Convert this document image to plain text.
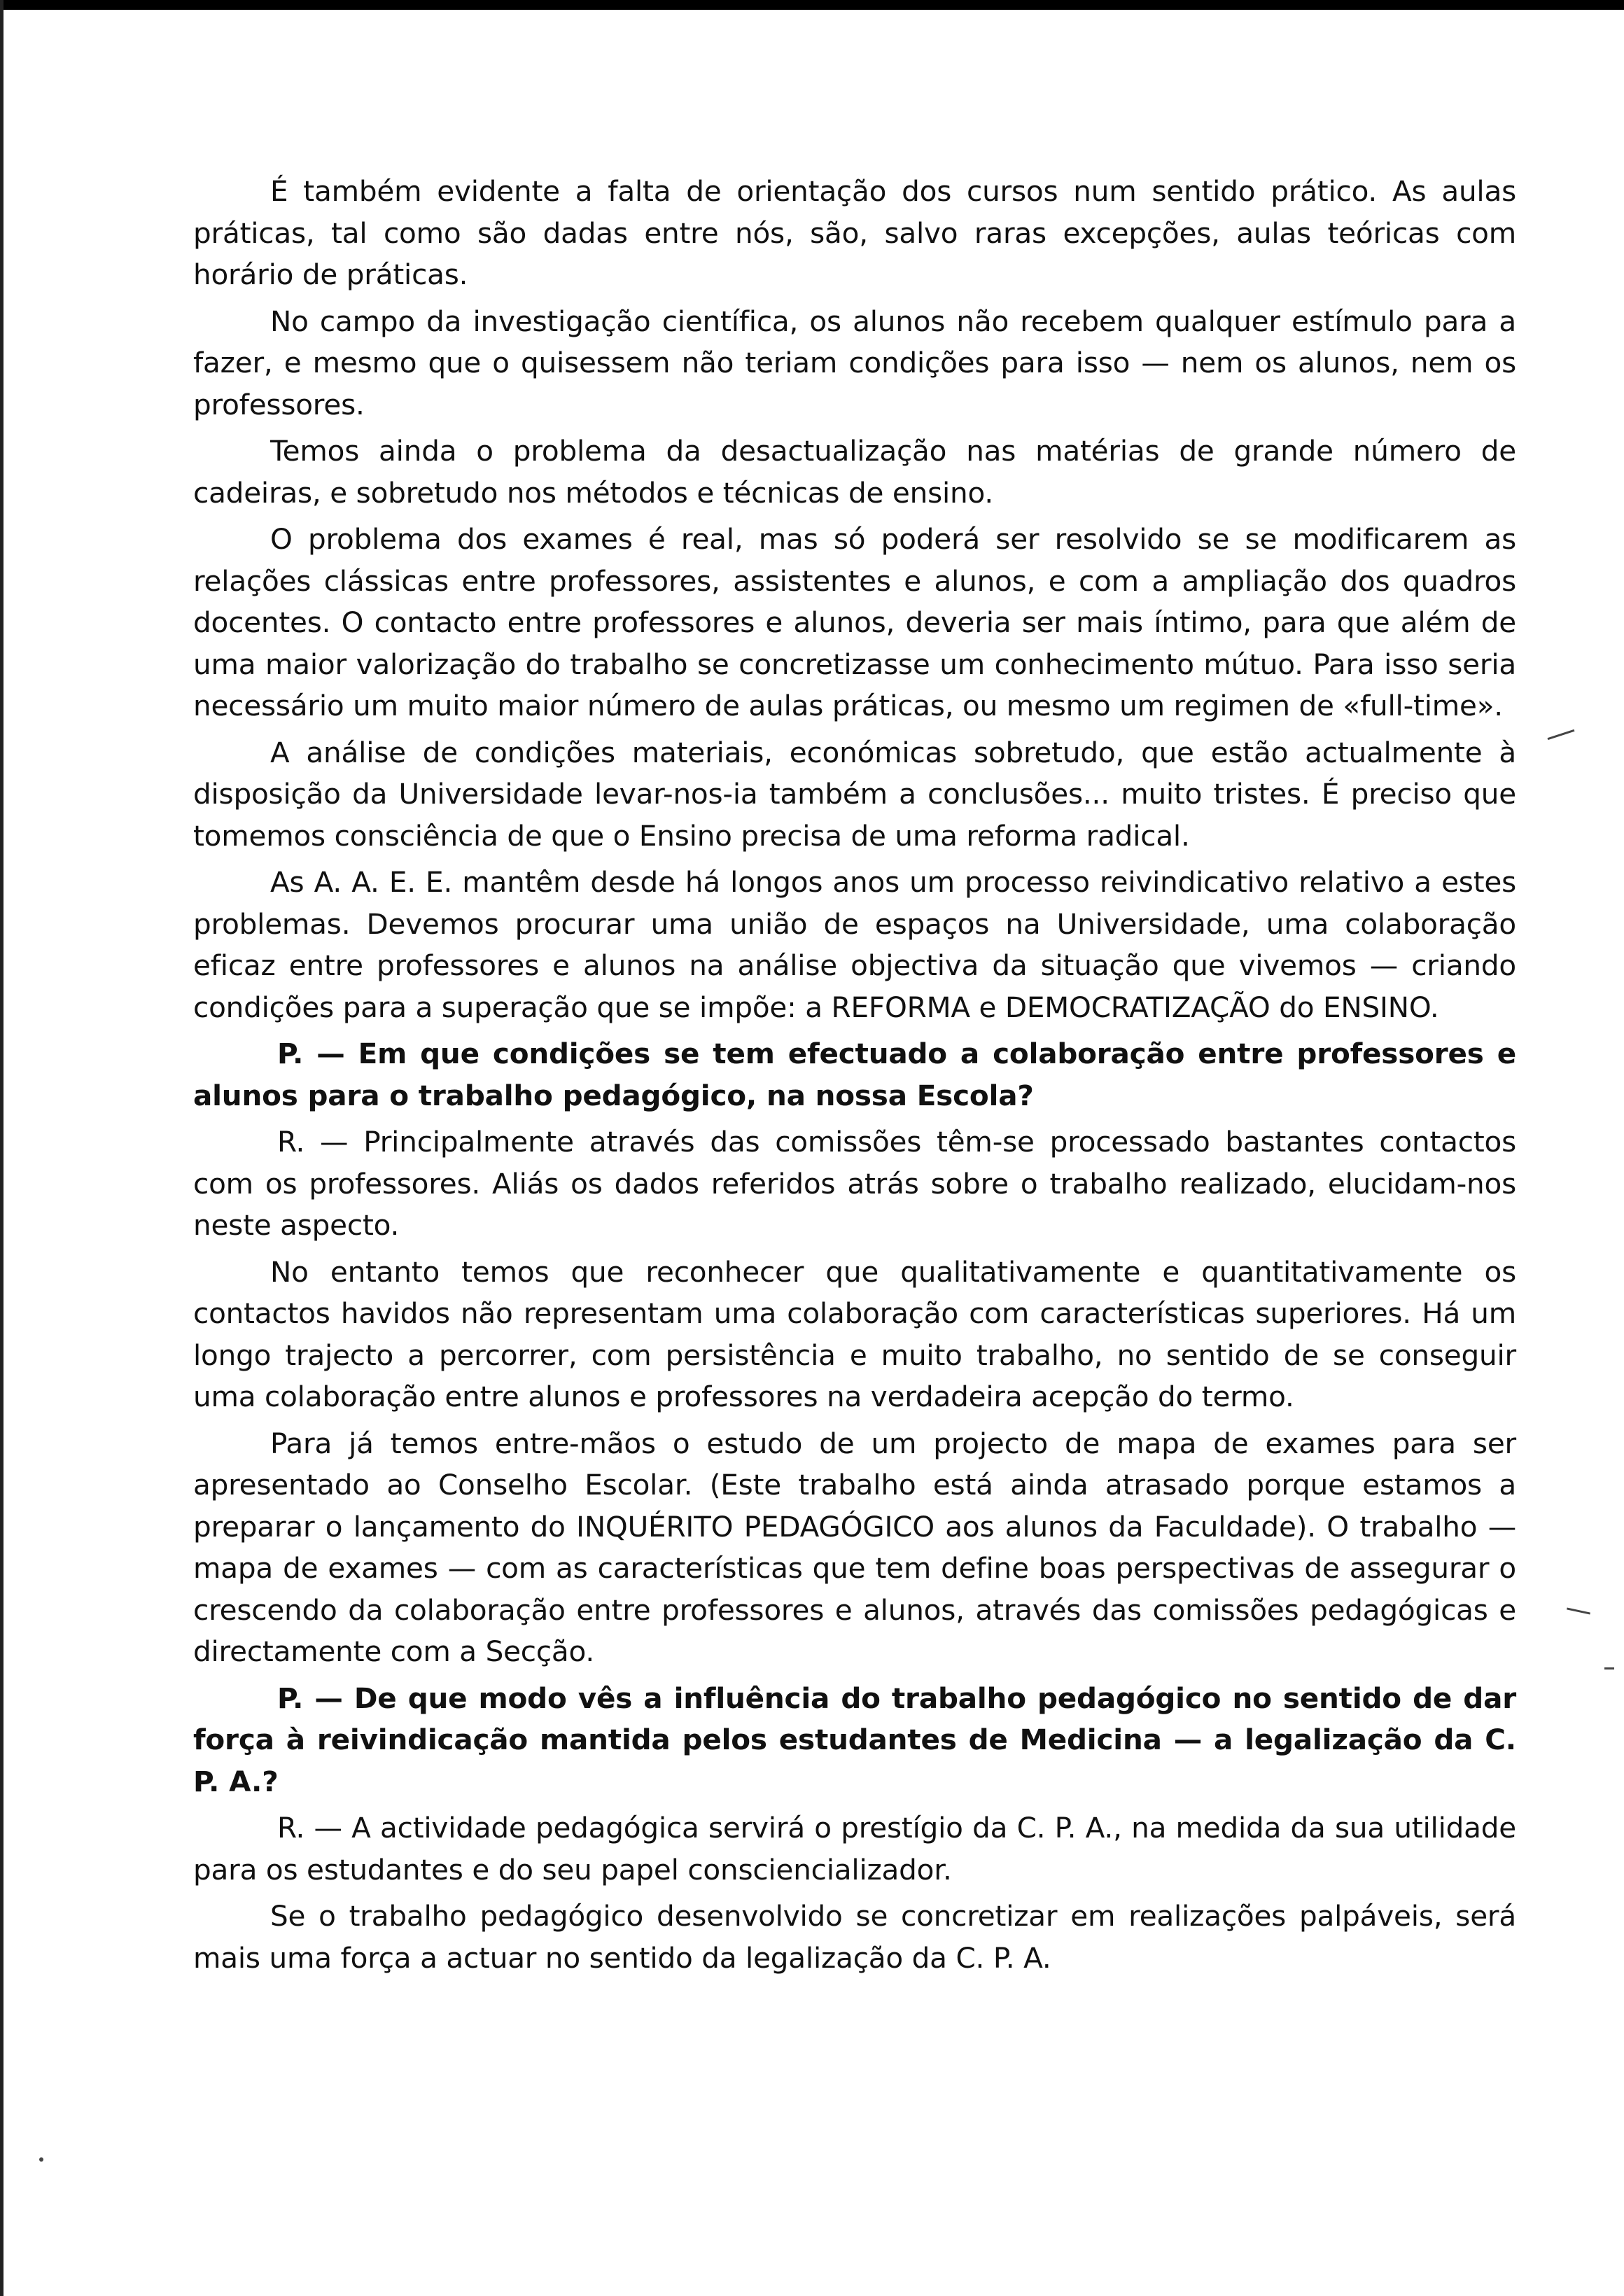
É também evidente a falta de orientação dos cursos num sentido prático. As aulas práticas, tal como são dadas entre nós, são, salvo raras excepções, aulas teóricas com horário de práticas.

No campo da investigação científica, os alunos não recebem qualquer estímulo para a fazer, e mesmo que o quisessem não teriam condições para isso — nem os alunos, nem os professores.

Temos ainda o problema da desactualização nas matérias de grande número de cadeiras, e sobretudo nos métodos e técnicas de ensino.

O problema dos exames é real, mas só poderá ser resolvido se se modificarem as relações clássicas entre professores, assistentes e alunos, e com a ampliação dos quadros docentes. O contacto entre professores e alunos, deveria ser mais íntimo, para que além de uma maior valorização do trabalho se concretizasse um conhecimento mútuo. Para isso seria necessário um muito maior número de aulas práticas, ou mesmo um regimen de «full-time».

A análise de condições materiais, económicas sobretudo, que estão actualmente à disposição da Universidade levar-nos-ia também a conclusões... muito tristes. É preciso que tomemos consciência de que o Ensino precisa de uma reforma radical.

As A. A. E. E. mantêm desde há longos anos um processo reivindicativo relativo a estes problemas. Devemos procurar uma união de espaços na Universidade, uma colaboração eficaz entre professores e alunos na análise objectiva da situação que vivemos — criando condições para a superação que se impõe: a REFORMA e DEMOCRATIZAÇÃO do ENSINO.

P. — Em que condições se tem efectuado a colaboração entre professores e alunos para o trabalho pedagógico, na nossa Escola?

R. — Principalmente através das comissões têm-se processado bastantes contactos com os professores. Aliás os dados referidos atrás sobre o trabalho realizado, elucidam-nos neste aspecto.

No entanto temos que reconhecer que qualitativamente e quantitativamente os contactos havidos não representam uma colaboração com características superiores. Há um longo trajecto a percorrer, com persistência e muito trabalho, no sentido de se conseguir uma colaboração entre alunos e professores na verdadeira acepção do termo.

Para já temos entre-mãos o estudo de um projecto de mapa de exames para ser apresentado ao Conselho Escolar. (Este trabalho está ainda atrasado porque estamos a preparar o lançamento do INQUÉRITO PEDAGÓGICO aos alunos da Faculdade). O trabalho — mapa de exames — com as características que tem define boas perspectivas de assegurar o crescendo da colaboração entre professores e alunos, através das comissões pedagógicas e directamente com a Secção.

P. — De que modo vês a influência do trabalho pedagógico no sentido de dar força à reivindicação mantida pelos estudantes de Medicina — a legalização da C. P. A.?

R. — A actividade pedagógica servirá o prestígio da C. P. A., na medida da sua utilidade para os estudantes e do seu papel consciencializador.

Se o trabalho pedagógico desenvolvido se concretizar em realizações palpáveis, será mais uma força a actuar no sentido da legalização da C. P. A.
